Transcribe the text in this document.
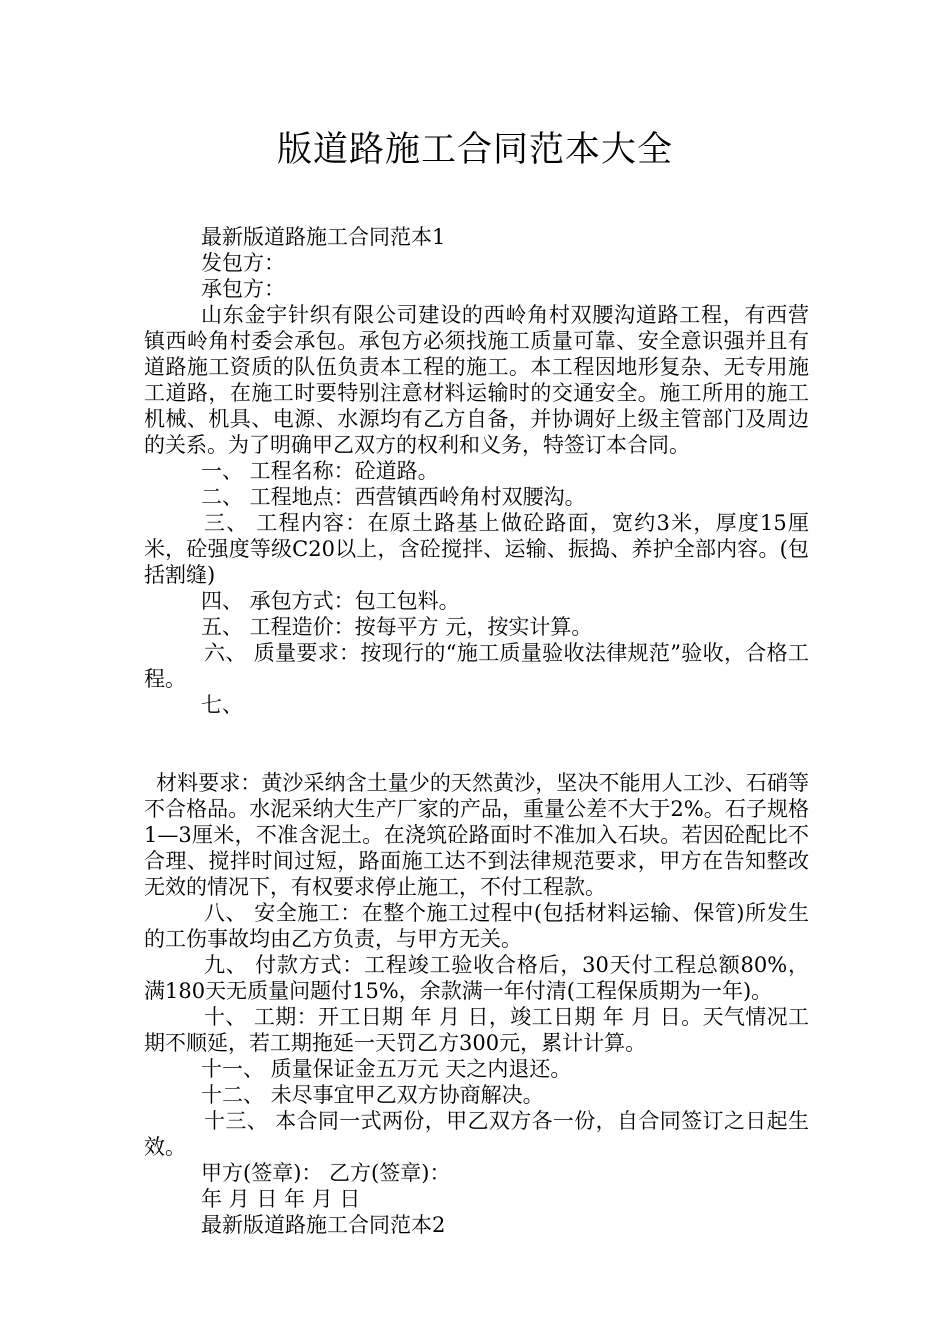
版道路施工合同范本大全

最新版道路施工合同范本1

发包方：

承包方：

山东金宇针织有限公司建设的西岭角村双腰沟道路工程，有西营镇西岭角村委会承包。承包方必须找施工质量可靠、安全意识强并且有道路施工资质的队伍负责本工程的施工。本工程因地形复杂、无专用施工道路，在施工时要特别注意材料运输时的交通安全。施工所用的施工机械、机具、电源、水源均有乙方自备，并协调好上级主管部门及周边的关系。为了明确甲乙双方的权利和义务，特签订本合同。

一、 工程名称：砼道路。

二、 工程地点：西营镇西岭角村双腰沟。

三、 工程内容：在原土路基上做砼路面，宽约3米，厚度15厘米，砼强度等级C20以上，含砼搅拌、运输、振捣、养护全部内容。(包括割缝)

四、 承包方式：包工包料。

五、 工程造价：按每平方 元，按实计算。

六、 质量要求：按现行的“施工质量验收法律规范”验收，合格工程。

七、

材料要求：黄沙采纳含土量少的天然黄沙，坚决不能用人工沙、石硝等不合格品。水泥采纳大生产厂家的产品，重量公差不大于2%。石子规格1—3厘米，不准含泥土。在浇筑砼路面时不准加入石块。若因砼配比不合理、搅拌时间过短，路面施工达不到法律规范要求，甲方在告知整改无效的情况下，有权要求停止施工，不付工程款。

八、 安全施工：在整个施工过程中(包括材料运输、保管)所发生的工伤事故均由乙方负责，与甲方无关。

九、 付款方式：工程竣工验收合格后，30天付工程总额80%，满180天无质量问题付15%，余款满一年付清(工程保质期为一年)。

十、 工期：开工日期 年 月 日，竣工日期 年 月 日。天气情况工期不顺延，若工期拖延一天罚乙方300元，累计计算。

十一、 质量保证金五万元 天之内退还。

十二、 未尽事宜甲乙双方协商解决。

十三、 本合同一式两份，甲乙双方各一份，自合同签订之日起生效。

甲方(签章)： 乙方(签章)：

年 月 日 年 月 日

最新版道路施工合同范本2
